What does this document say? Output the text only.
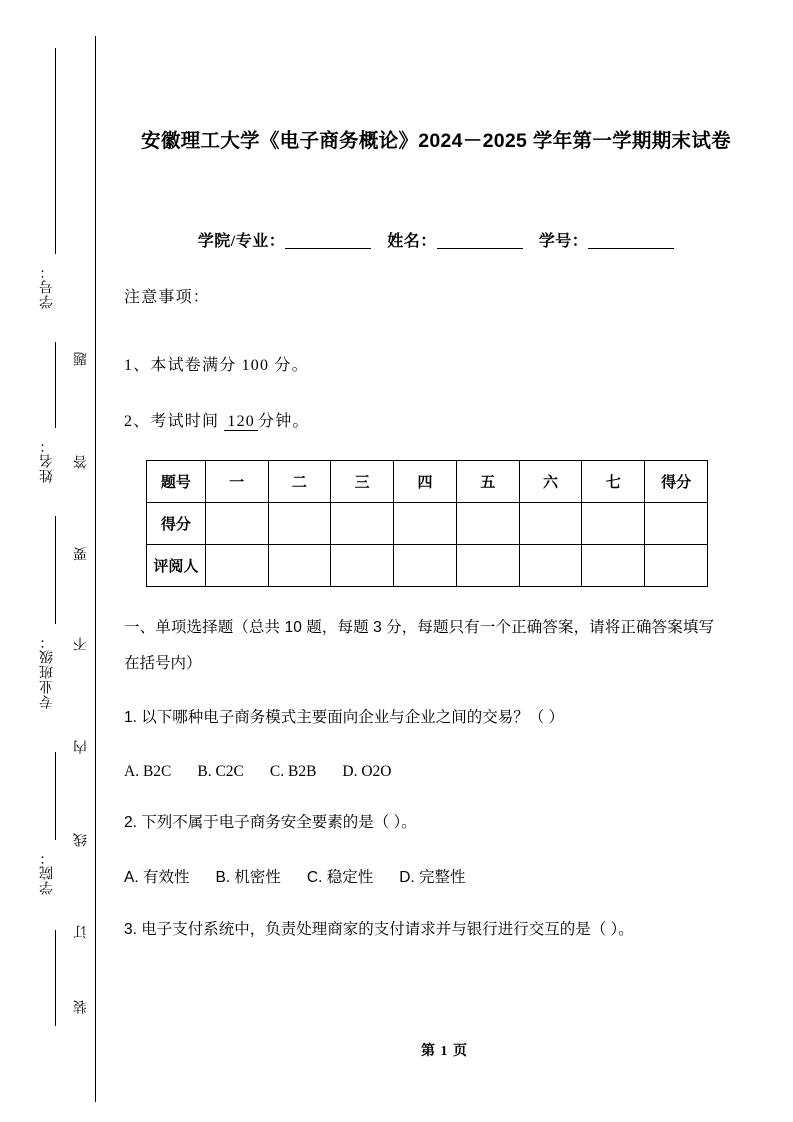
学号：
姓名：
专业班级：
学院：
题
答
要
不
内
线
订
装
安徽理工大学《电子商务概论》2024－2025 学年第一学期期末试卷
学院/专业：	姓名：	学号：
注意事项：
1、本试卷满分 100 分。
2、考试时间 120 分钟。
题号	一	二	三	四	五	六	七	得分
得分								
评阅人								
一、单项选择题（总共 10 题，每题 3 分，每题只有一个正确答案，请将正确答案填写在括号内）
1. 以下哪种电子商务模式主要面向企业与企业之间的交易？（ ）
A. B2C B. C2C C. B2B D. O2O
2. 下列不属于电子商务安全要素的是（ ）。
A. 有效性 B. 机密性 C. 稳定性 D. 完整性
3. 电子支付系统中，负责处理商家的支付请求并与银行进行交互的是（ ）。
第 1 页
